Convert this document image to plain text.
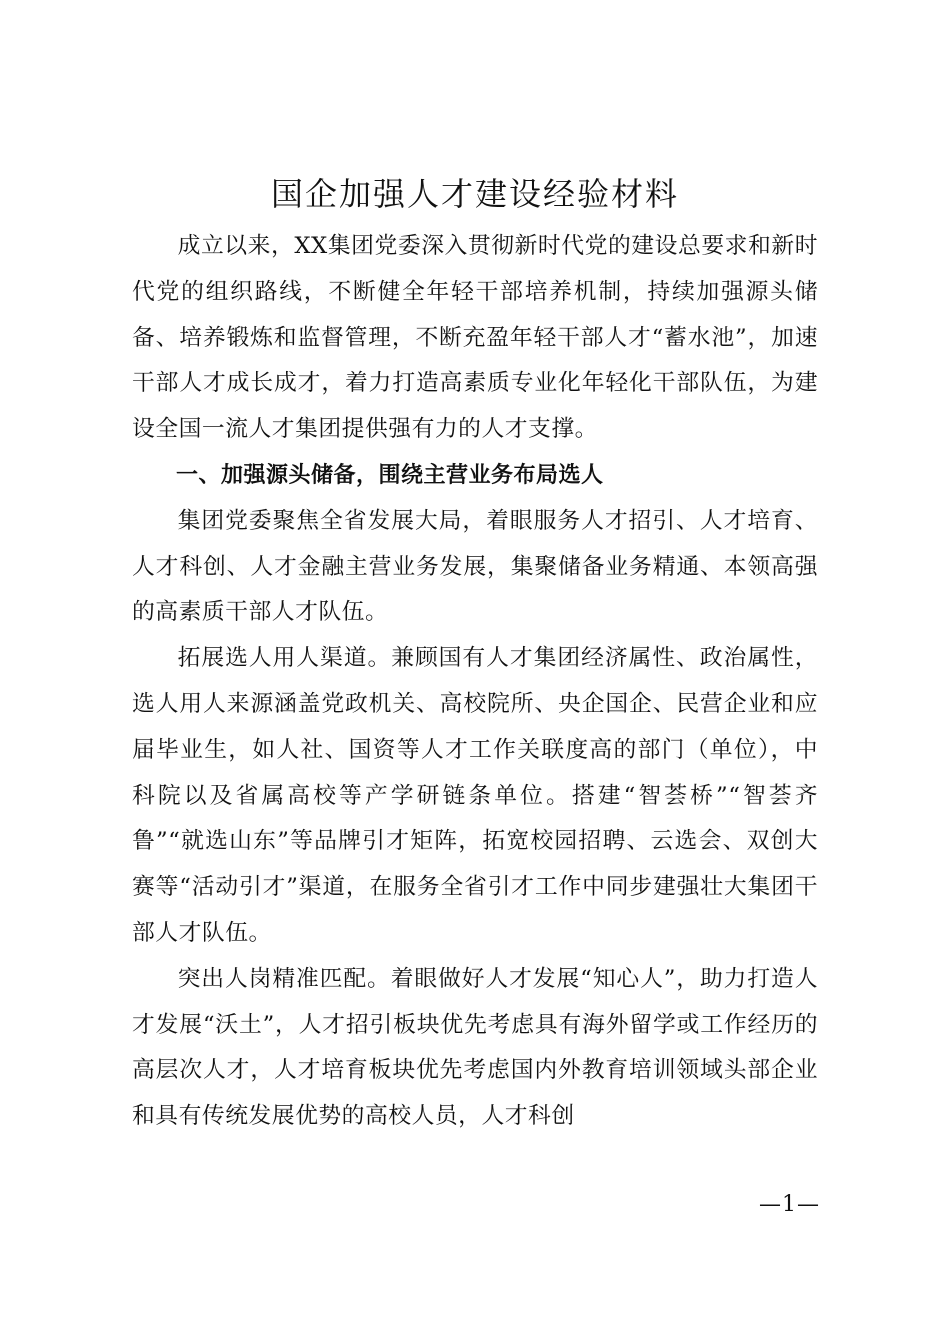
国企加强人才建设经验材料

成立以来，XX集团党委深入贯彻新时代党的建设总要求和新时代党的组织路线，不断健全年轻干部培养机制，持续加强源头储备、培养锻炼和监督管理，不断充盈年轻干部人才“蓄水池”，加速干部人才成长成才，着力打造高素质专业化年轻化干部队伍，为建设全国一流人才集团提供强有力的人才支撑。

一、加强源头储备，围绕主营业务布局选人

集团党委聚焦全省发展大局，着眼服务人才招引、人才培育、人才科创、人才金融主营业务发展，集聚储备业务精通、本领高强的高素质干部人才队伍。

拓展选人用人渠道。兼顾国有人才集团经济属性、政治属性，选人用人来源涵盖党政机关、高校院所、央企国企、民营企业和应届毕业生，如人社、国资等人才工作关联度高的部门（单位），中科院以及省属高校等产学研链条单位。搭建“智荟桥”“智荟齐鲁”“就选山东”等品牌引才矩阵，拓宽校园招聘、云选会、双创大赛等“活动引才”渠道，在服务全省引才工作中同步建强壮大集团干部人才队伍。

突出人岗精准匹配。着眼做好人才发展“知心人”，助力打造人才发展“沃土”，人才招引板块优先考虑具有海外留学或工作经历的高层次人才，人才培育板块优先考虑国内外教育培训领域头部企业和具有传统发展优势的高校人员，人才科创

—1—
